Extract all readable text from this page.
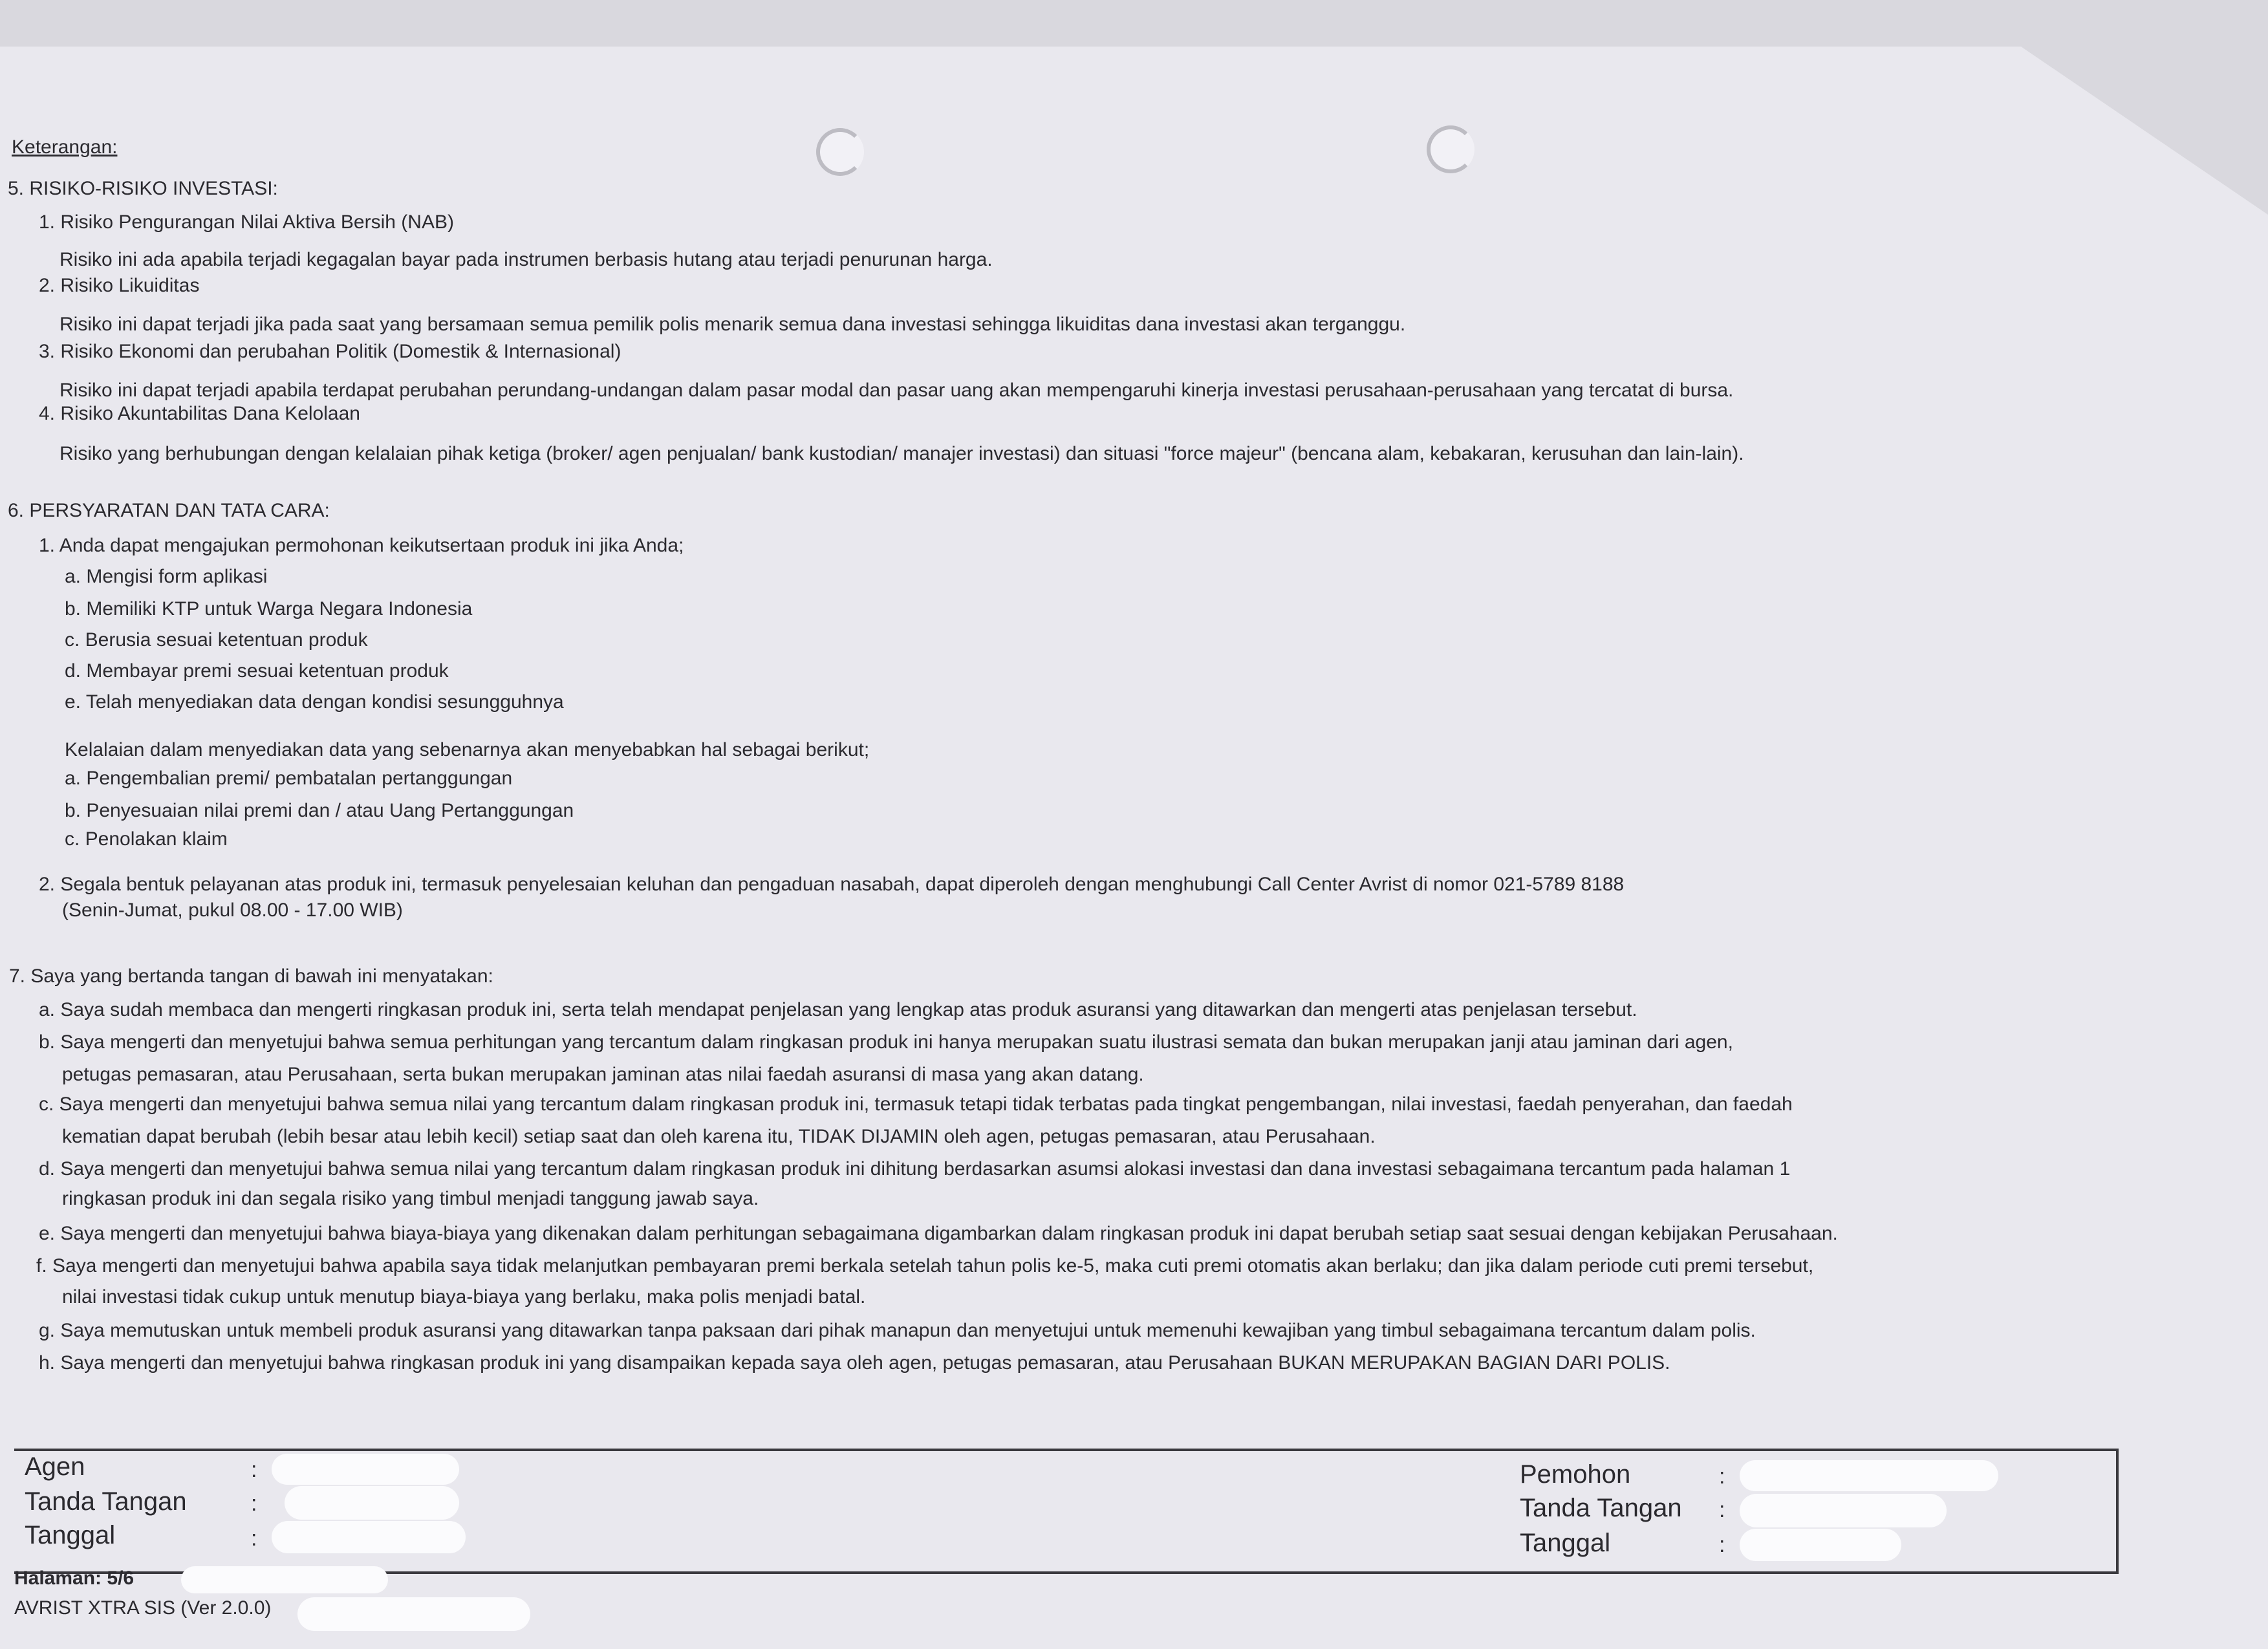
Keterangan:
5. RISIKO-RISIKO INVESTASI:
1. Risiko Pengurangan Nilai Aktiva Bersih (NAB)
Risiko ini ada apabila terjadi kegagalan bayar pada instrumen berbasis hutang atau terjadi penurunan harga.
2. Risiko Likuiditas
Risiko ini dapat terjadi jika pada saat yang bersamaan semua pemilik polis menarik semua dana investasi sehingga likuiditas dana investasi akan terganggu.
3. Risiko Ekonomi dan perubahan Politik (Domestik & Internasional)
Risiko ini dapat terjadi apabila terdapat perubahan perundang-undangan dalam pasar modal dan pasar uang akan mempengaruhi kinerja investasi perusahaan-perusahaan yang tercatat di bursa.
4. Risiko Akuntabilitas Dana Kelolaan
Risiko yang berhubungan dengan kelalaian pihak ketiga (broker/ agen penjualan/ bank kustodian/ manajer investasi) dan situasi "force majeur" (bencana alam, kebakaran, kerusuhan dan lain-lain).
6. PERSYARATAN DAN TATA CARA:
1. Anda dapat mengajukan permohonan keikutsertaan produk ini jika Anda;
a. Mengisi form aplikasi
b. Memiliki KTP untuk Warga Negara Indonesia
c. Berusia sesuai ketentuan produk
d. Membayar premi sesuai ketentuan produk
e. Telah menyediakan data dengan kondisi sesungguhnya
Kelalaian dalam menyediakan data yang sebenarnya akan menyebabkan hal sebagai berikut;
a. Pengembalian premi/ pembatalan pertanggungan
b. Penyesuaian nilai premi dan / atau Uang Pertanggungan
c. Penolakan klaim
2. Segala bentuk pelayanan atas produk ini, termasuk penyelesaian keluhan dan pengaduan nasabah, dapat diperoleh dengan menghubungi Call Center Avrist di nomor 021-5789 8188
(Senin-Jumat, pukul 08.00 - 17.00 WIB)
7. Saya yang bertanda tangan di bawah ini menyatakan:
a. Saya sudah membaca dan mengerti ringkasan produk ini, serta telah mendapat penjelasan yang lengkap atas produk asuransi yang ditawarkan dan mengerti atas penjelasan tersebut.
b. Saya mengerti dan menyetujui bahwa semua perhitungan yang tercantum dalam ringkasan produk ini hanya merupakan suatu ilustrasi semata dan bukan merupakan janji atau jaminan dari agen,
petugas pemasaran, atau Perusahaan, serta bukan merupakan jaminan atas nilai faedah asuransi di masa yang akan datang.
c. Saya mengerti dan menyetujui bahwa semua nilai yang tercantum dalam ringkasan produk ini, termasuk tetapi tidak terbatas pada tingkat pengembangan, nilai investasi, faedah penyerahan, dan faedah
kematian dapat berubah (lebih besar atau lebih kecil) setiap saat dan oleh karena itu, TIDAK DIJAMIN oleh agen, petugas pemasaran, atau Perusahaan.
d. Saya mengerti dan menyetujui bahwa semua nilai yang tercantum dalam ringkasan produk ini dihitung berdasarkan asumsi alokasi investasi dan dana investasi sebagaimana tercantum pada halaman 1
ringkasan produk ini dan segala risiko yang timbul menjadi tanggung jawab saya.
e. Saya mengerti dan menyetujui bahwa biaya-biaya yang dikenakan dalam perhitungan sebagaimana digambarkan dalam ringkasan produk ini dapat berubah setiap saat sesuai dengan kebijakan Perusahaan.
f. Saya mengerti dan menyetujui bahwa apabila saya tidak melanjutkan pembayaran premi berkala setelah tahun polis ke-5, maka cuti premi otomatis akan berlaku; dan jika dalam periode cuti premi tersebut,
nilai investasi tidak cukup untuk menutup biaya-biaya yang berlaku, maka polis menjadi batal.
g. Saya memutuskan untuk membeli produk asuransi yang ditawarkan tanpa paksaan dari pihak manapun dan menyetujui untuk memenuhi kewajiban yang timbul sebagaimana tercantum dalam polis.
h. Saya mengerti dan menyetujui bahwa ringkasan produk ini yang disampaikan kepada saya oleh agen, petugas pemasaran, atau Perusahaan BUKAN MERUPAKAN BAGIAN DARI POLIS.
Agen
Tanda Tangan
Tanggal
:
:
:
Pemohon
Tanda Tangan
Tanggal
:
:
:
Halaman: 5/6
AVRIST XTRA SIS (Ver 2.0.0)
